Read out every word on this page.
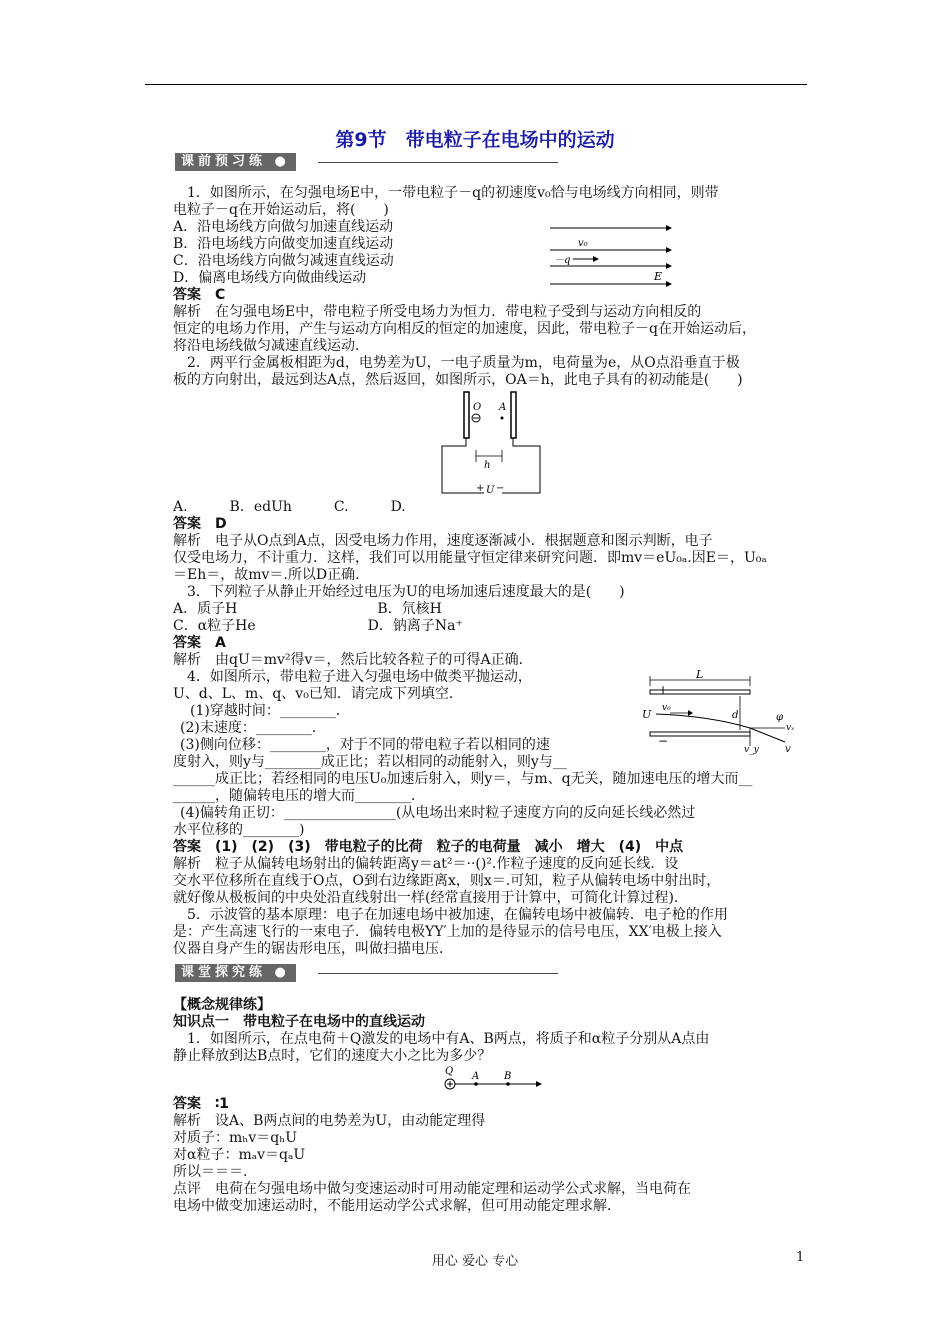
第9节　带电粒子在电场中的运动
课前预习练 ●
1．如图所示，在匀强电场E中，一带电粒子－q的初速度v₀恰与电场线方向相同，则带
电粒子－q在开始运动后，将(　　)
A．沿电场线方向做匀加速直线运动
B．沿电场线方向做变加速直线运动
C．沿电场线方向做匀减速直线运动
D．偏离电场线方向做曲线运动
答案　C
解析　在匀强电场E中，带电粒子所受电场力为恒力．带电粒子受到与运动方向相反的
恒定的电场力作用，产生与运动方向相反的恒定的加速度，因此，带电粒子－q在开始运动后，
将沿电场线做匀减速直线运动．
v₀
－q
E
2．两平行金属板相距为d，电势差为U，一电子质量为m，电荷量为e，从O点沿垂直于极
板的方向射出，最远到达A点，然后返回，如图所示，OA＝h，此电子具有的初动能是(　　)
O A
h
+ U −
A.　　　B．edUh　　　C.　　　D.
答案　D
解析　电子从O点到A点，因受电场力作用，速度逐渐减小．根据题意和图示判断，电子
仅受电场力，不计重力．这样，我们可以用能量守恒定律来研究问题．即mv＝eU₀ₐ.因E＝，U₀ₐ
＝Eh＝，故mv＝.所以D正确．
3．下列粒子从静止开始经过电压为U的电场加速后速度最大的是(　　)
A．质子H　　　　　　　　　　B．氘核H
C．α粒子He　　　　　　　　D．钠离子Na⁺
答案　A
解析　由qU＝mv²得v＝，然后比较各粒子的可得A正确．
4．如图所示，带电粒子进入匀强电场中做类平抛运动，
U、d、L、m、q、v₀已知．请完成下列填空．
(1)穿越时间：________．
(2)末速度：________．
(3)侧向位移：________，对于不同的带电粒子若以相同的速
+
−
L
U v₀
d	φ
vₓ
v_y	v
度射入，则y与________成正比；若以相同的动能射入，则y与__
______成正比；若经相同的电压U₀加速后射入，则y＝，与m、q无关，随加速电压的增大而__
______，随偏转电压的增大而________．
(4)偏转角正切：________________(从电场出来时粒子速度方向的反向延长线必然过
水平位移的________)
答案　(1)　(2)　(3)　带电粒子的比荷　粒子的电荷量　减小　增大　(4)　中点
解析　粒子从偏转电场射出的偏转距离y＝at²＝··()².作粒子速度的反向延长线．设
交水平位移所在直线于O点，O到右边缘距离x，则x＝.可知，粒子从偏转电场中射出时，
就好像从极板间的中央处沿直线射出一样(经常直接用于计算中，可简化计算过程)．
5．示波管的基本原理：电子在加速电场中被加速，在偏转电场中被偏转．电子枪的作用
是：产生高速飞行的一束电子．偏转电极YY′上加的是待显示的信号电压，XX′电极上接入
仪器自身产生的锯齿形电压，叫做扫描电压．
课堂探究练 ●
【概念规律练】
知识点一　带电粒子在电场中的直线运动
1．如图所示，在点电荷＋Q激发的电场中有A、B两点，将质子和α粒子分别从A点由
静止释放到达B点时，它们的速度大小之比为多少？
Q A B
答案　∶1
解析　设A、B两点间的电势差为U，由动能定理得
对质子：mₕv＝qₕU
对α粒子：mₐv＝qₐU
所以＝＝＝.
点评　电荷在匀强电场中做匀变速运动时可用动能定理和运动学公式求解，当电荷在
电场中做变加速运动时，不能用运动学公式求解，但可用动能定理求解．
用心 爱心 专心	1
